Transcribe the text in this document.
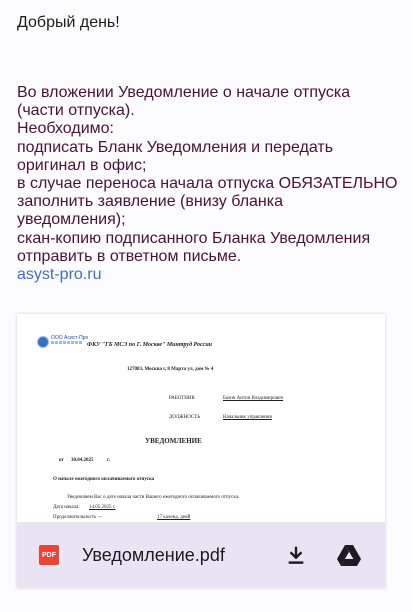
Добрый день!
Во вложении Уведомление о начале отпуска
(части отпуска).
Необходимо:
подписать Бланк Уведомления и передать
оригинал в офис;
в случае переноса начала отпуска ОБЯЗАТЕЛЬНО
заполнить заявление (внизу бланка
уведомления);
скан-копию подписанного Бланка Уведомления
отправить в ответном письме.
asyst-pro.ru
ООО Асист-Про
ФКУ "ГБ МСЭ по Г. Москве" Минтруд России
127083, Москва г, 8 Марта ул, дом № 4
РАБОТНИК	Базин Антон Владимирович
ДОЛЖНОСТЬ	Начальник управления
УВЕДОМЛЕНИЕ
от 30.04.2025	г.
О начале ежегодного оплачиваемого отпуска
Уведомляем Вас о дате начала части Вашего ежегодного оплачиваемого отпуска.
Дата начала: 14.05.2025 г.
Продолжительность —	17 календ. дней
PDF Уведомление.pdf
